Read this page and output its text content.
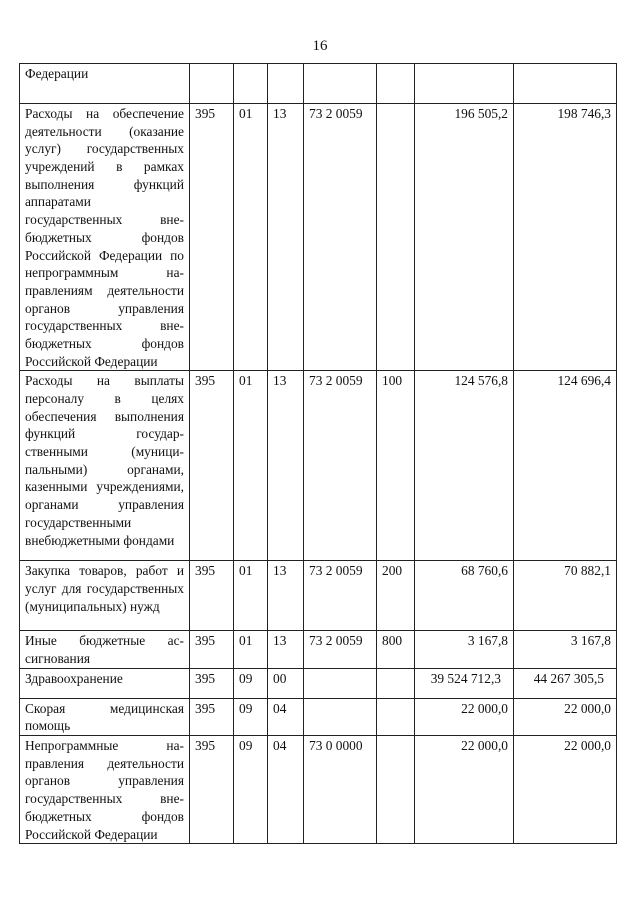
16
Федерации							
Расходы на обеспечение деятельности (оказание услуг) государственных учреждений в рамках выполнения функций аппаратами государственных внебюджетных фондов Российской Федерации по непрограммным направлениям деятельности органов управления государственных внебюджетных фондов Российской Федерации	395	01	13	73 2 0059		196 505,2	198 746,3
Расходы на выплаты персоналу в целях обеспечения выполнения функций государственными (муниципальными) органами, казенными учреждениями, органами управления государственными внебюджетными фондами	395	01	13	73 2 0059	100	124 576,8	124 696,4
Закупка товаров, работ и услуг для государственных (муниципальных) нужд	395	01	13	73 2 0059	200	68 760,6	70 882,1
Иные бюджетные ассигнования	395	01	13	73 2 0059	800	3 167,8	3 167,8
Здравоохранение	395	09	00			39 524 712,3	44 267 305,5
Скорая медицинская помощь	395	09	04			22 000,0	22 000,0
Непрограммные направления деятельности органов управления государственных внебюджетных фондов Российской Федерации	395	09	04	73 0 0000		22 000,0	22 000,0
